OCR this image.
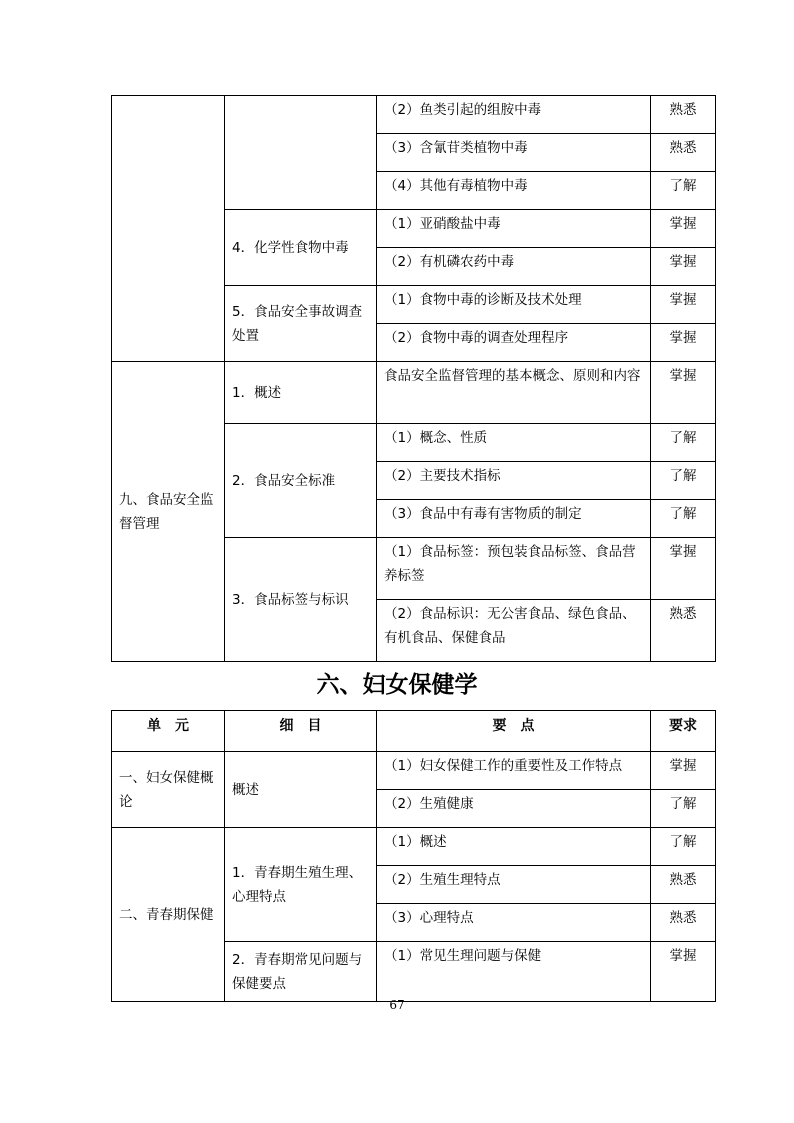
		（2）鱼类引起的组胺中毒	熟悉
		（3）含氰苷类植物中毒	熟悉
		（4）其他有毒植物中毒	了解
	4．化学性食物中毒	（1）亚硝酸盐中毒	掌握
		（2）有机磷农药中毒	掌握
	5．食品安全事故调查处置	（1）食物中毒的诊断及技术处理	掌握
		（2）食物中毒的调查处理程序	掌握
九、食品安全监督管理	1．概述	食品安全监督管理的基本概念、原则和内容	掌握
	2．食品安全标准	（1）概念、性质	了解
		（2）主要技术指标	了解
		（3）食品中有毒有害物质的制定	了解
	3．食品标签与标识	（1）食品标签：预包装食品标签、食品营养标签	掌握
		（2）食品标识：无公害食品、绿色食品、有机食品、保健食品	熟悉
六、妇女保健学
单　元	细　目	要　点	要求
一、妇女保健概论	概述	（1）妇女保健工作的重要性及工作特点	掌握
		（2）生殖健康	了解
二、青春期保健	1．青春期生殖生理、心理特点	（1）概述	了解
		（2）生殖生理特点	熟悉
		（3）心理特点	熟悉
	2．青春期常见问题与保健要点	（1）常见生理问题与保健	掌握
67
